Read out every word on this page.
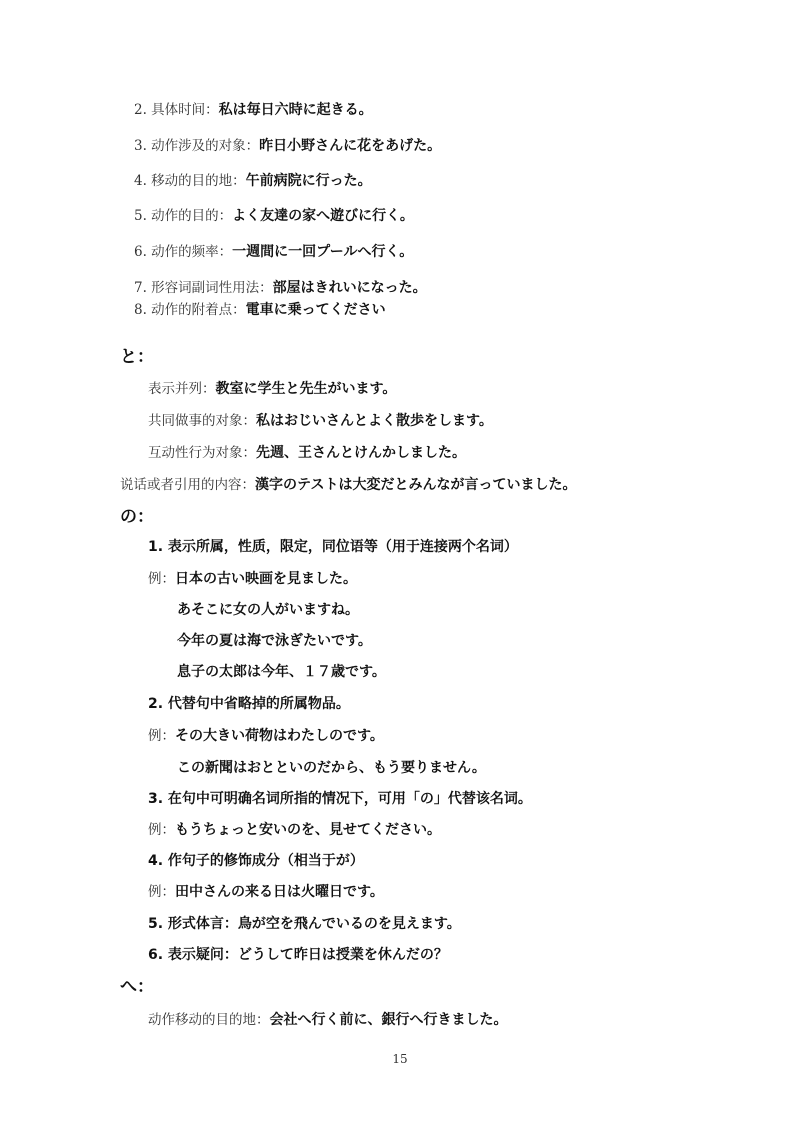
2. 具体时间：私は毎日六時に起きる。
3. 动作涉及的对象：昨日小野さんに花をあげた。
4. 移动的目的地：午前病院に行った。
5. 动作的目的：よく友達の家へ遊びに行く。
6. 动作的频率：一週間に一回プールへ行く。
7. 形容词副词性用法：部屋はきれいになった。
8. 动作的附着点：電車に乗ってください
と：
表示并列：教室に学生と先生がいます。
共同做事的对象：私はおじいさんとよく散歩をします。
互动性行为对象：先週、王さんとけんかしました。
说话或者引用的内容：漢字のテストは大変だとみんなが言っていました。
の：
1. 表示所属，性质，限定，同位语等（用于连接两个名词）
例：日本の古い映画を見ました。
あそこに女の人がいますね。
今年の夏は海で泳ぎたいです。
息子の太郎は今年、１７歳です。
2. 代替句中省略掉的所属物品。
例：その大きい荷物はわたしのです。
この新聞はおとといのだから、もう要りません。
3. 在句中可明确名词所指的情况下，可用「の」代替该名词。
例：もうちょっと安いのを、見せてください。
4. 作句子的修饰成分（相当于が）
例：田中さんの来る日は火曜日です。
5. 形式体言：鳥が空を飛んでいるのを見えます。
6. 表示疑问：どうして昨日は授業を休んだの？
へ：
动作移动的目的地：会社へ行く前に、銀行へ行きました。
15
